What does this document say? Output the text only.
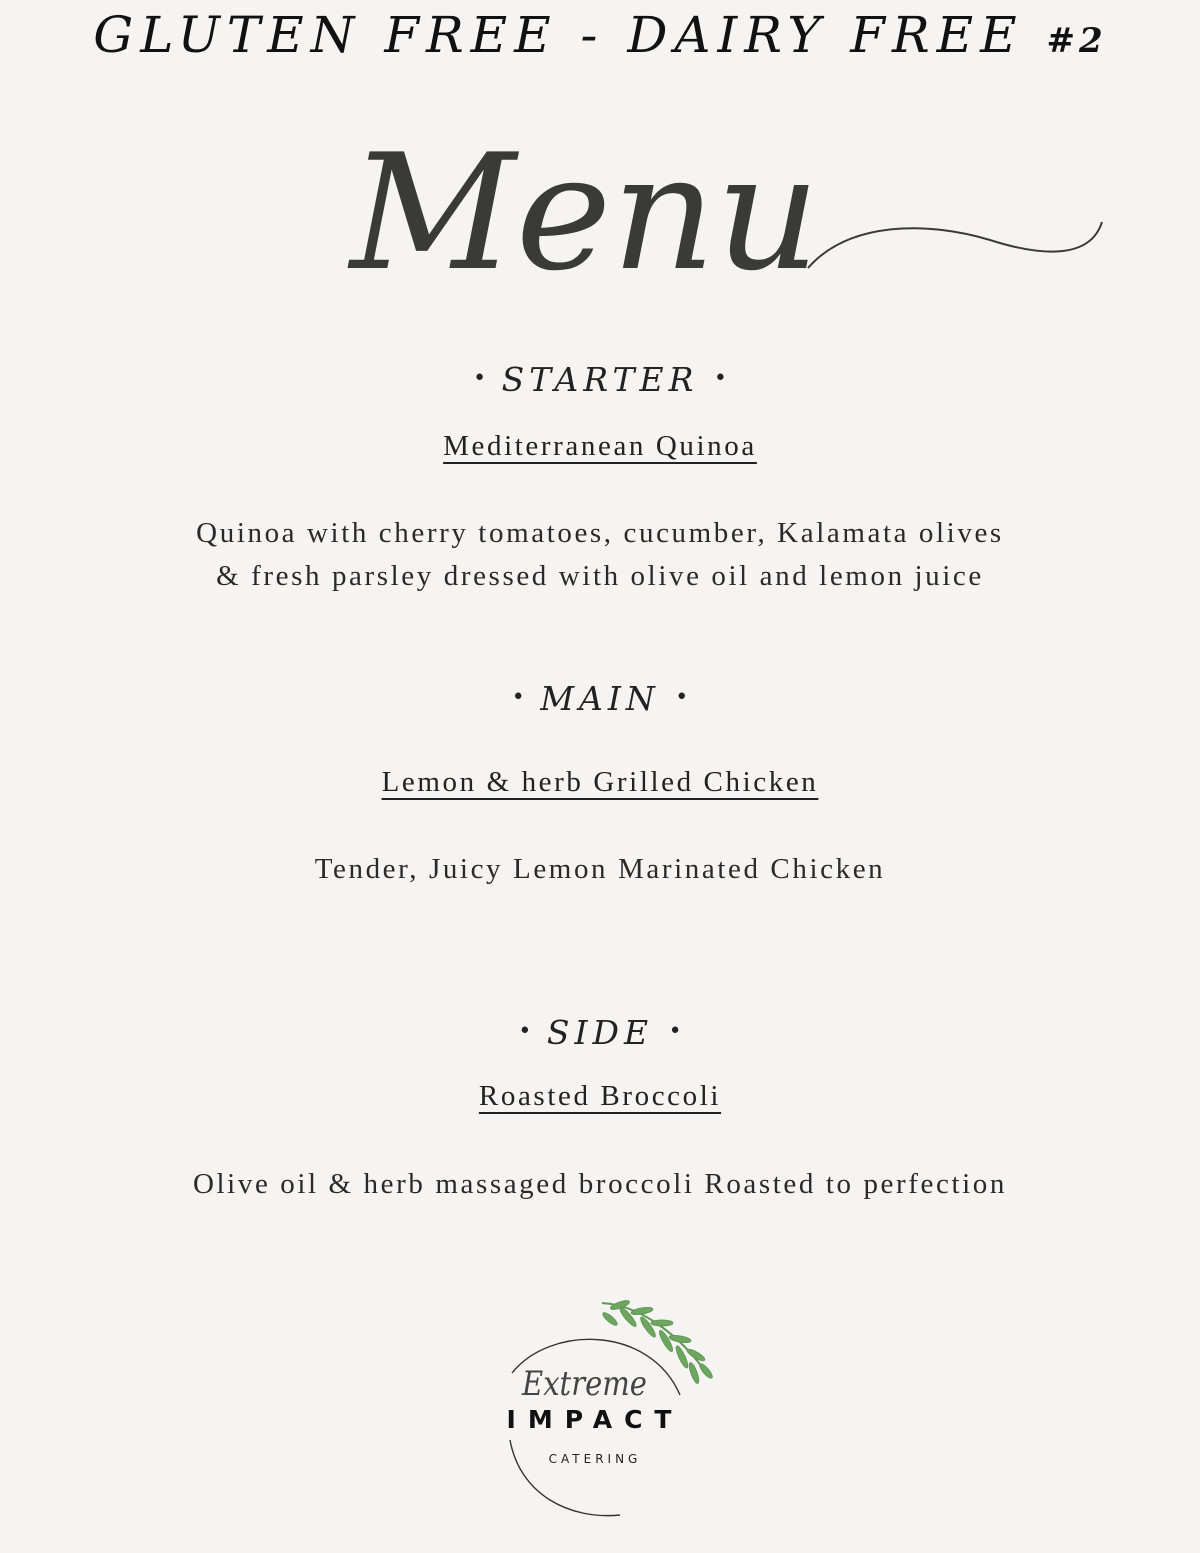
GLUTEN FREE - DAIRY FREE #2
Menu
• STARTER •
Mediterranean Quinoa
Quinoa with cherry tomatoes, cucumber, Kalamata olives & fresh parsley dressed with olive oil and lemon juice
• MAIN •
Lemon & herb Grilled Chicken
Tender, Juicy Lemon Marinated Chicken
• SIDE •
Roasted Broccoli
Olive oil & herb massaged broccoli Roasted to perfection
Extreme
IMPACT
CATERING
